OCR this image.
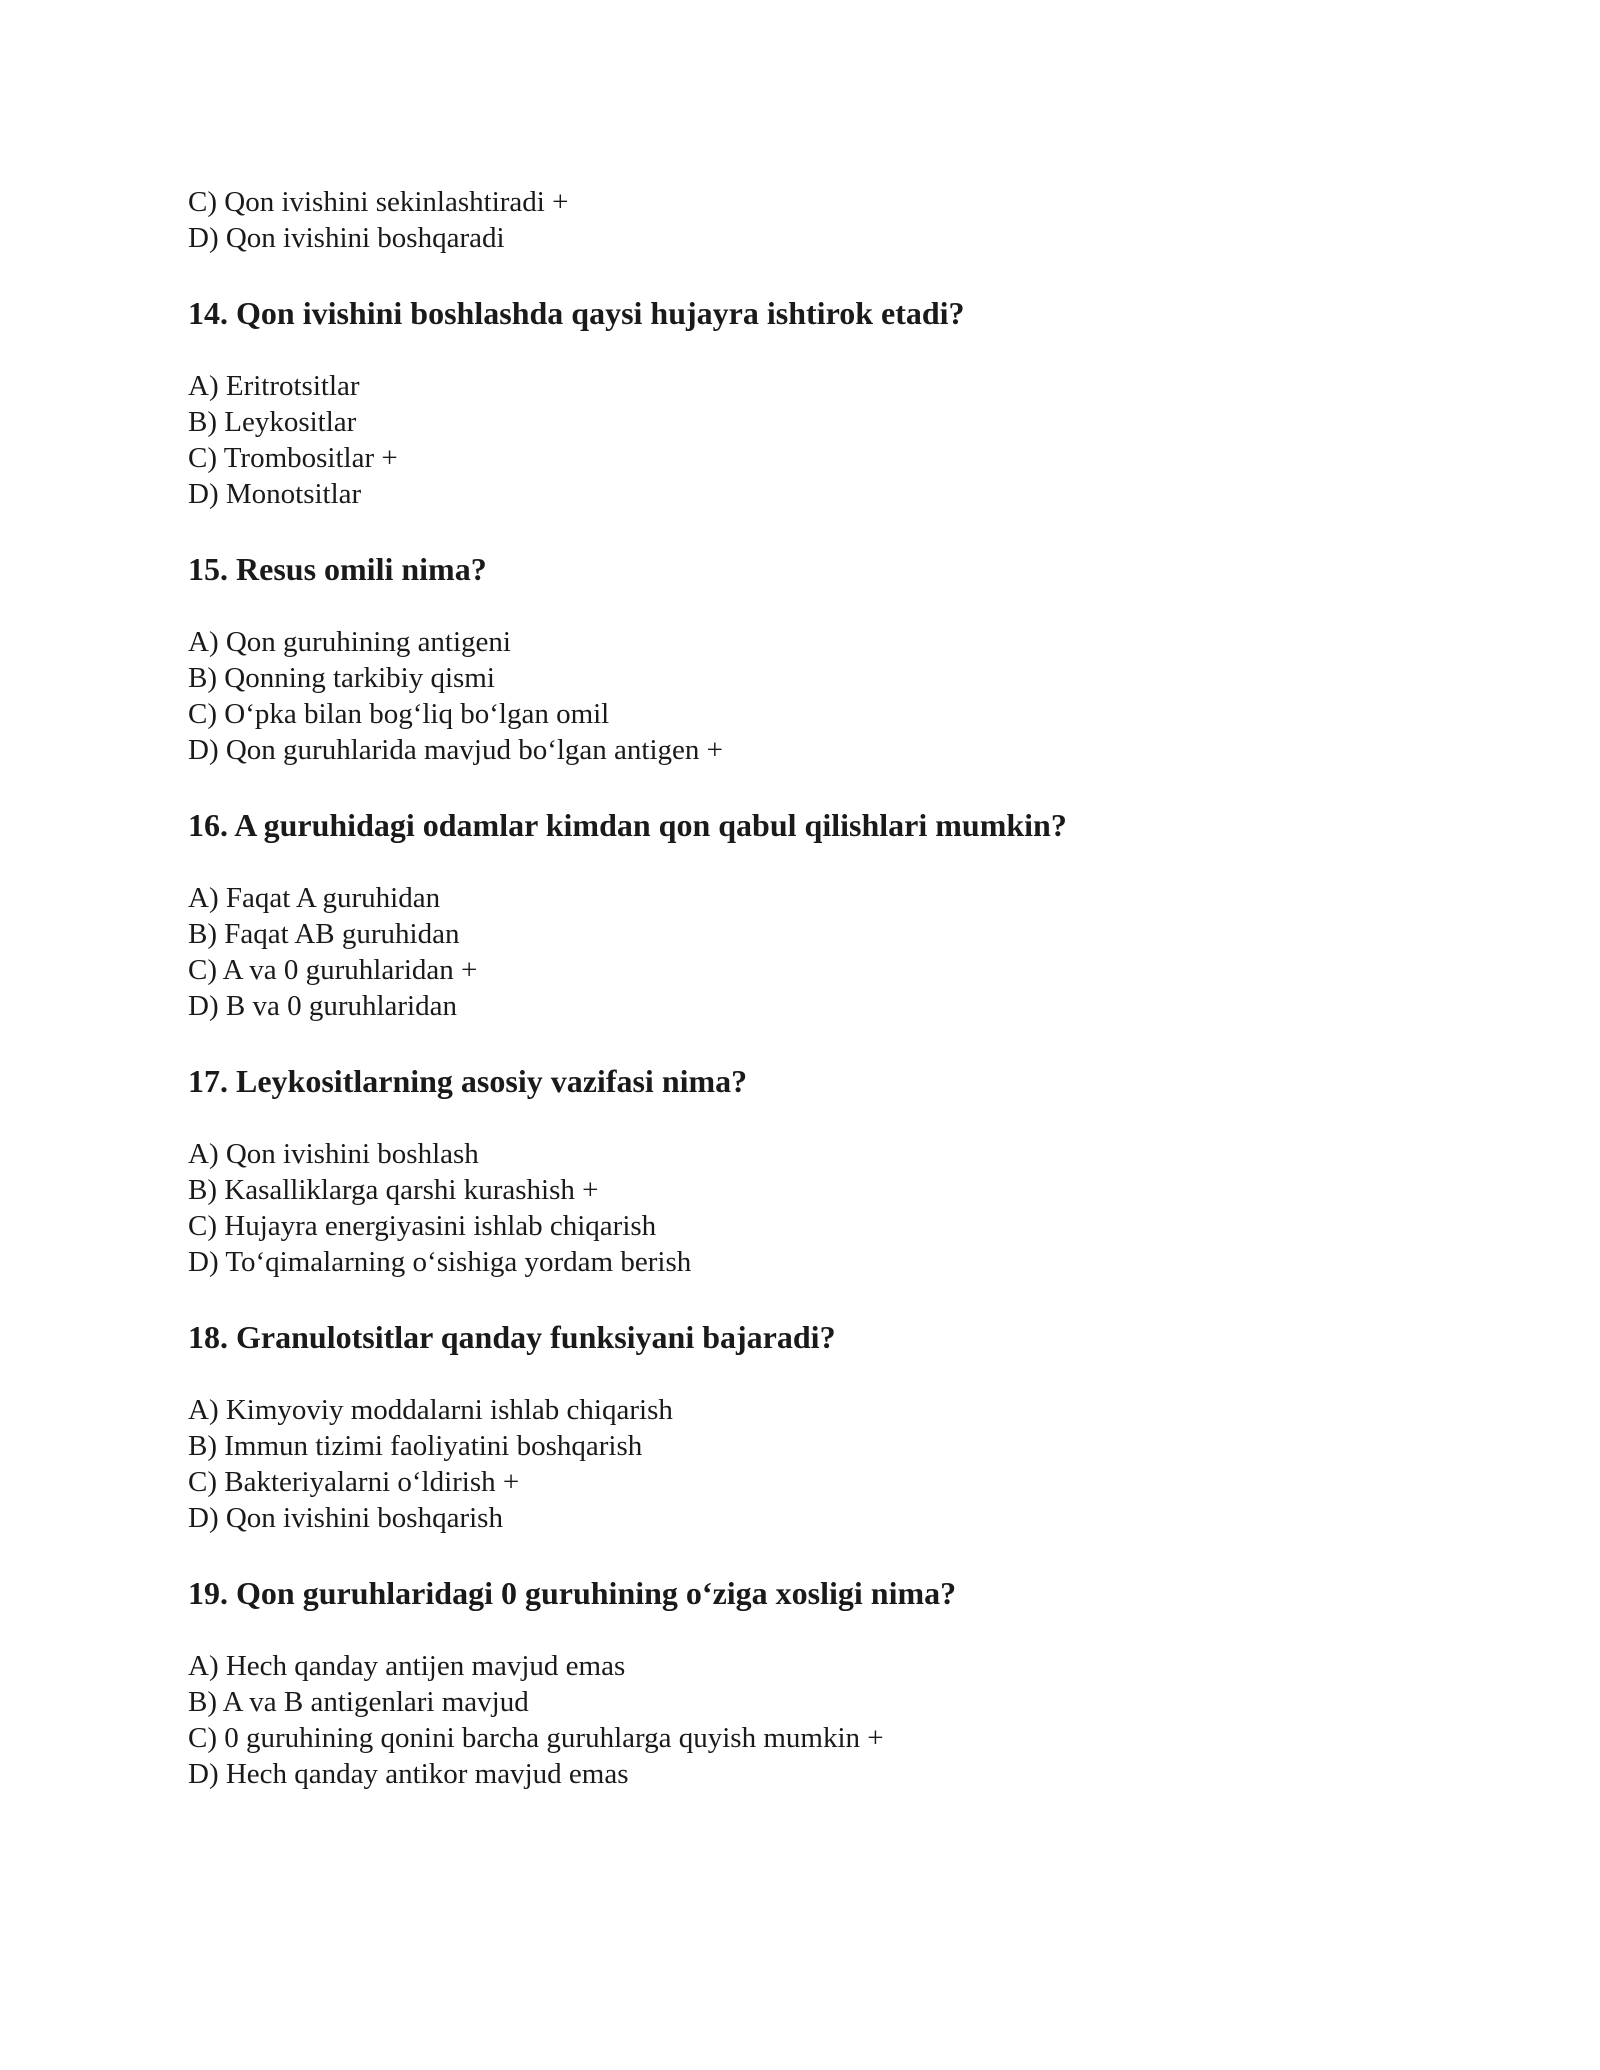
C) Qon ivishini sekinlashtiradi +
D) Qon ivishini boshqaradi
14. Qon ivishini boshlashda qaysi hujayra ishtirok etadi?
A) Eritrotsitlar
B) Leykositlar
C) Trombositlar +
D) Monotsitlar
15. Resus omili nima?
A) Qon guruhining antigeni
B) Qonning tarkibiy qismi
C) O‘pka bilan bog‘liq bo‘lgan omil
D) Qon guruhlarida mavjud bo‘lgan antigen +
16. A guruhidagi odamlar kimdan qon qabul qilishlari mumkin?
A) Faqat A guruhidan
B) Faqat AB guruhidan
C) A va 0 guruhlaridan +
D) B va 0 guruhlaridan
17. Leykositlarning asosiy vazifasi nima?
A) Qon ivishini boshlash
B) Kasalliklarga qarshi kurashish +
C) Hujayra energiyasini ishlab chiqarish
D) To‘qimalarning o‘sishiga yordam berish
18. Granulotsitlar qanday funksiyani bajaradi?
A) Kimyoviy moddalarni ishlab chiqarish
B) Immun tizimi faoliyatini boshqarish
C) Bakteriyalarni o‘ldirish +
D) Qon ivishini boshqarish
19. Qon guruhlaridagi 0 guruhining o‘ziga xosligi nima?
A) Hech qanday antijen mavjud emas
B) A va B antigenlari mavjud
C) 0 guruhining qonini barcha guruhlarga quyish mumkin +
D) Hech qanday antikor mavjud emas
